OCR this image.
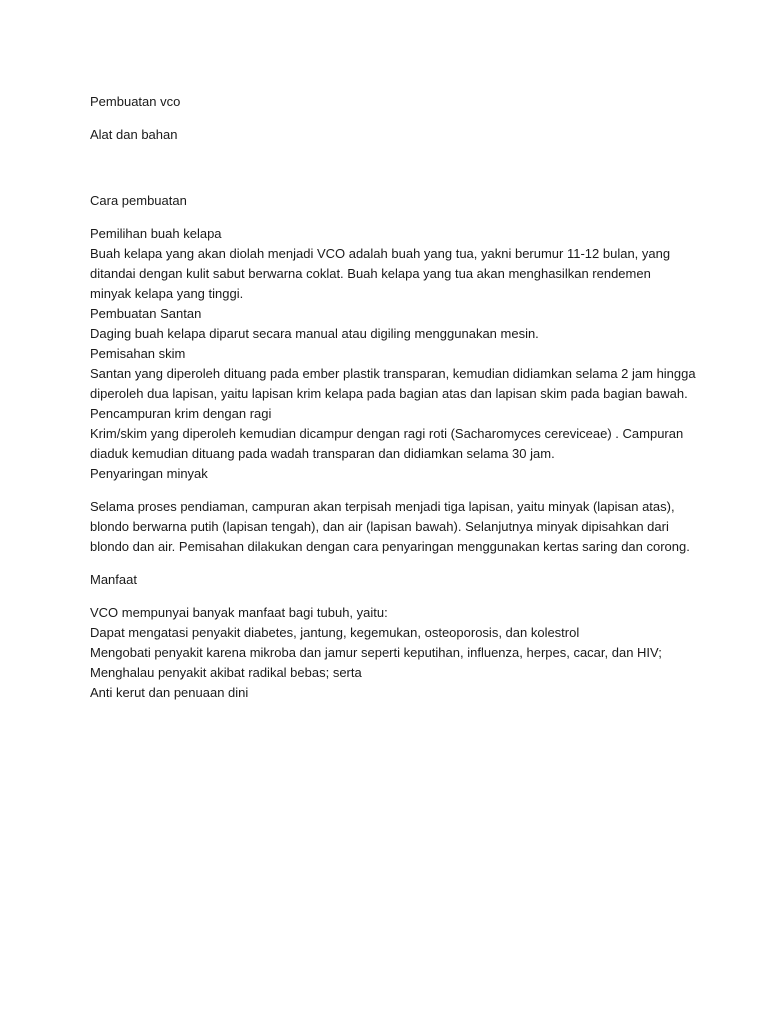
Pembuatan vco

Alat dan bahan

Cara pembuatan

Pemilihan buah kelapa

Buah kelapa yang akan diolah menjadi VCO adalah buah yang tua, yakni berumur 11-12 bulan, yang

ditandai dengan kulit sabut berwarna coklat. Buah kelapa yang tua akan menghasilkan rendemen

minyak kelapa yang tinggi.

Pembuatan Santan

Daging buah kelapa diparut secara manual atau digiling menggunakan mesin.

Pemisahan skim

Santan yang diperoleh dituang pada ember plastik transparan, kemudian didiamkan selama 2 jam hingga

diperoleh dua lapisan, yaitu lapisan krim kelapa pada bagian atas dan lapisan skim pada bagian bawah.

Pencampuran krim dengan ragi

Krim/skim yang diperoleh kemudian dicampur dengan ragi roti (Sacharomyces cereviceae) . Campuran

diaduk kemudian dituang pada wadah transparan dan didiamkan selama 30 jam.

Penyaringan minyak

Selama proses pendiaman, campuran akan terpisah menjadi tiga lapisan, yaitu minyak (lapisan atas),

blondo berwarna putih (lapisan tengah), dan air (lapisan bawah). Selanjutnya minyak dipisahkan dari

blondo dan air. Pemisahan dilakukan dengan cara penyaringan menggunakan kertas saring dan corong.

Manfaat

VCO mempunyai banyak manfaat bagi tubuh, yaitu:

Dapat mengatasi penyakit diabetes, jantung, kegemukan, osteoporosis, dan kolestrol

Mengobati penyakit karena mikroba dan jamur seperti keputihan, influenza, herpes, cacar, dan HIV;

Menghalau penyakit akibat radikal bebas; serta

Anti kerut dan penuaan dini
